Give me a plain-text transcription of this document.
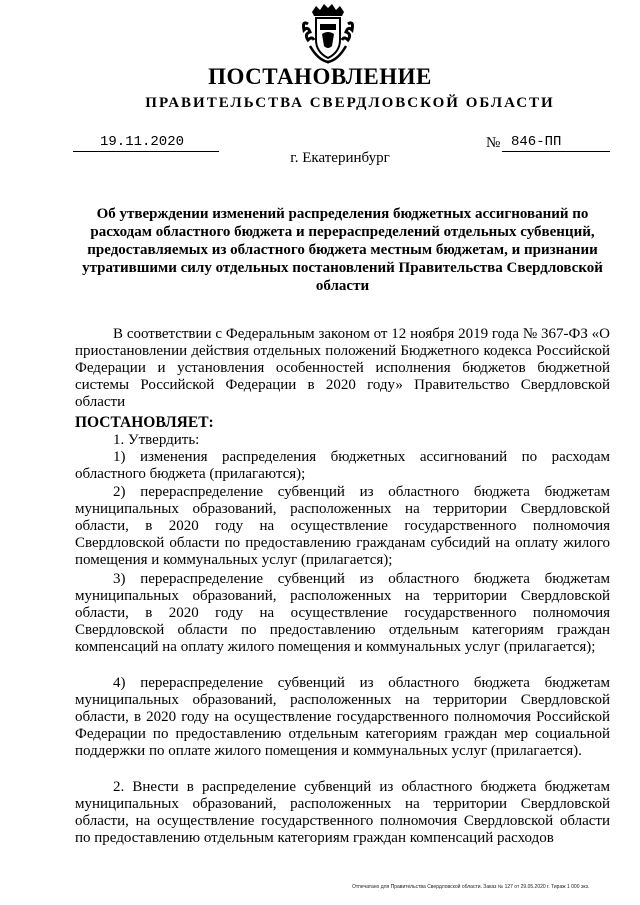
ПОСТАНОВЛЕНИЕ
ПРАВИТЕЛЬСТВА СВЕРДЛОВСКОЙ ОБЛАСТИ
19.11.2020	№ 846-ПП
г. Екатеринбург
Об утверждении изменений распределения бюджетных ассигнований по расходам областного бюджета и перераспределений отдельных субвенций, предоставляемых из областного бюджета местным бюджетам, и признании утратившими силу отдельных постановлений Правительства Свердловской области
В соответствии с Федеральным законом от 12 ноября 2019 года № 367-ФЗ «О приостановлении действия отдельных положений Бюджетного кодекса Российской Федерации и установления особенностей исполнения бюджетов бюджетной системы Российской Федерации в 2020 году» Правительство Свердловской области
ПОСТАНОВЛЯЕТ:
1. Утвердить:
1) изменения распределения бюджетных ассигнований по расходам областного бюджета (прилагаются);
2) перераспределение субвенций из областного бюджета бюджетам муниципальных образований, расположенных на территории Свердловской области, в 2020 году на осуществление государственного полномочия Свердловской области по предоставлению гражданам субсидий на оплату жилого помещения и коммунальных услуг (прилагается);
3) перераспределение субвенций из областного бюджета бюджетам муниципальных образований, расположенных на территории Свердловской области, в 2020 году на осуществление государственного полномочия Свердловской области по предоставлению отдельным категориям граждан компенсаций на оплату жилого помещения и коммунальных услуг (прилагается);
4) перераспределение субвенций из областного бюджета бюджетам муниципальных образований, расположенных на территории Свердловской области, в 2020 году на осуществление государственного полномочия Российской Федерации по предоставлению отдельным категориям граждан мер социальной поддержки по оплате жилого помещения и коммунальных услуг (прилагается).
2. Внести в распределение субвенций из областного бюджета бюджетам муниципальных образований, расположенных на территории Свердловской области, на осуществление государственного полномочия Свердловской области по предоставлению отдельным категориям граждан компенсаций расходов
Отпечатано для Правительства Свердловской области. Заказ № 127 от 29.05.2020 г. Тираж 1 000 экз.
